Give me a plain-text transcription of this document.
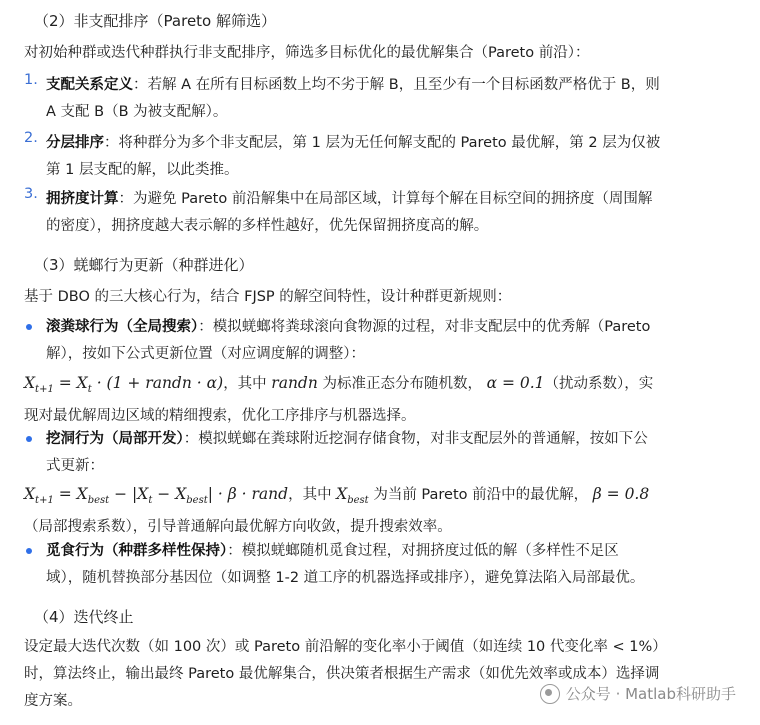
（2）非支配排序（Pareto 解筛选）
对初始种群或迭代种群执行非支配排序，筛选多目标优化的最优解集合（Pareto 前沿）：
1. 支配关系定义：若解 A 在所有目标函数上均不劣于解 B，且至少有一个目标函数严格优于 B，则
A 支配 B（B 为被支配解）。
2. 分层排序：将种群分为多个非支配层，第 1 层为无任何解支配的 Pareto 最优解，第 2 层为仅被
第 1 层支配的解，以此类推。
3. 拥挤度计算：为避免 Pareto 前沿解集中在局部区域，计算每个解在目标空间的拥挤度（周围解
的密度），拥挤度越大表示解的多样性越好，优先保留拥挤度高的解。
（3）蜣螂行为更新（种群进化）
基于 DBO 的三大核心行为，结合 FJSP 的解空间特性，设计种群更新规则：
滚粪球行为（全局搜索）：模拟蜣螂将粪球滚向食物源的过程，对非支配层中的优秀解（Pareto
解），按如下公式更新位置（对应调度解的调整）：
$X_{t+1} = X_t \cdot (1$ + randn · α)，其中 randn 为标准正态分布随机数， α = 0.1（扰动系数），实
现对最优解周边区域的精细搜索，优化工序排序与机器选择。
挖洞行为（局部开发）：模拟蜣螂在粪球附近挖洞存储食物，对非支配层外的普通解，按如下公
式更新：
$X_{t+1} = X_{best} - |X_t - X_{best}| \cdot \beta$ · rand，其中 $X_{best}$ 为当前 Pareto 前沿中的最优解， β = 0.8
（局部搜索系数），引导普通解向最优解方向收敛，提升搜索效率。
觅食行为（种群多样性保持）：模拟蜣螂随机觅食过程，对拥挤度过低的解（多样性不足区
域），随机替换部分基因位（如调整 1-2 道工序的机器选择或排序），避免算法陷入局部最优。
（4）迭代终止
设定最大迭代次数（如 100 次）或 Pareto 前沿解的变化率小于阈值（如连续 10 代变化率 < 1%）
时，算法终止，输出最终 Pareto 最优解集合，供决策者根据生产需求（如优先效率或成本）选择调
度方案。	公众号 · Matlab科研助手
